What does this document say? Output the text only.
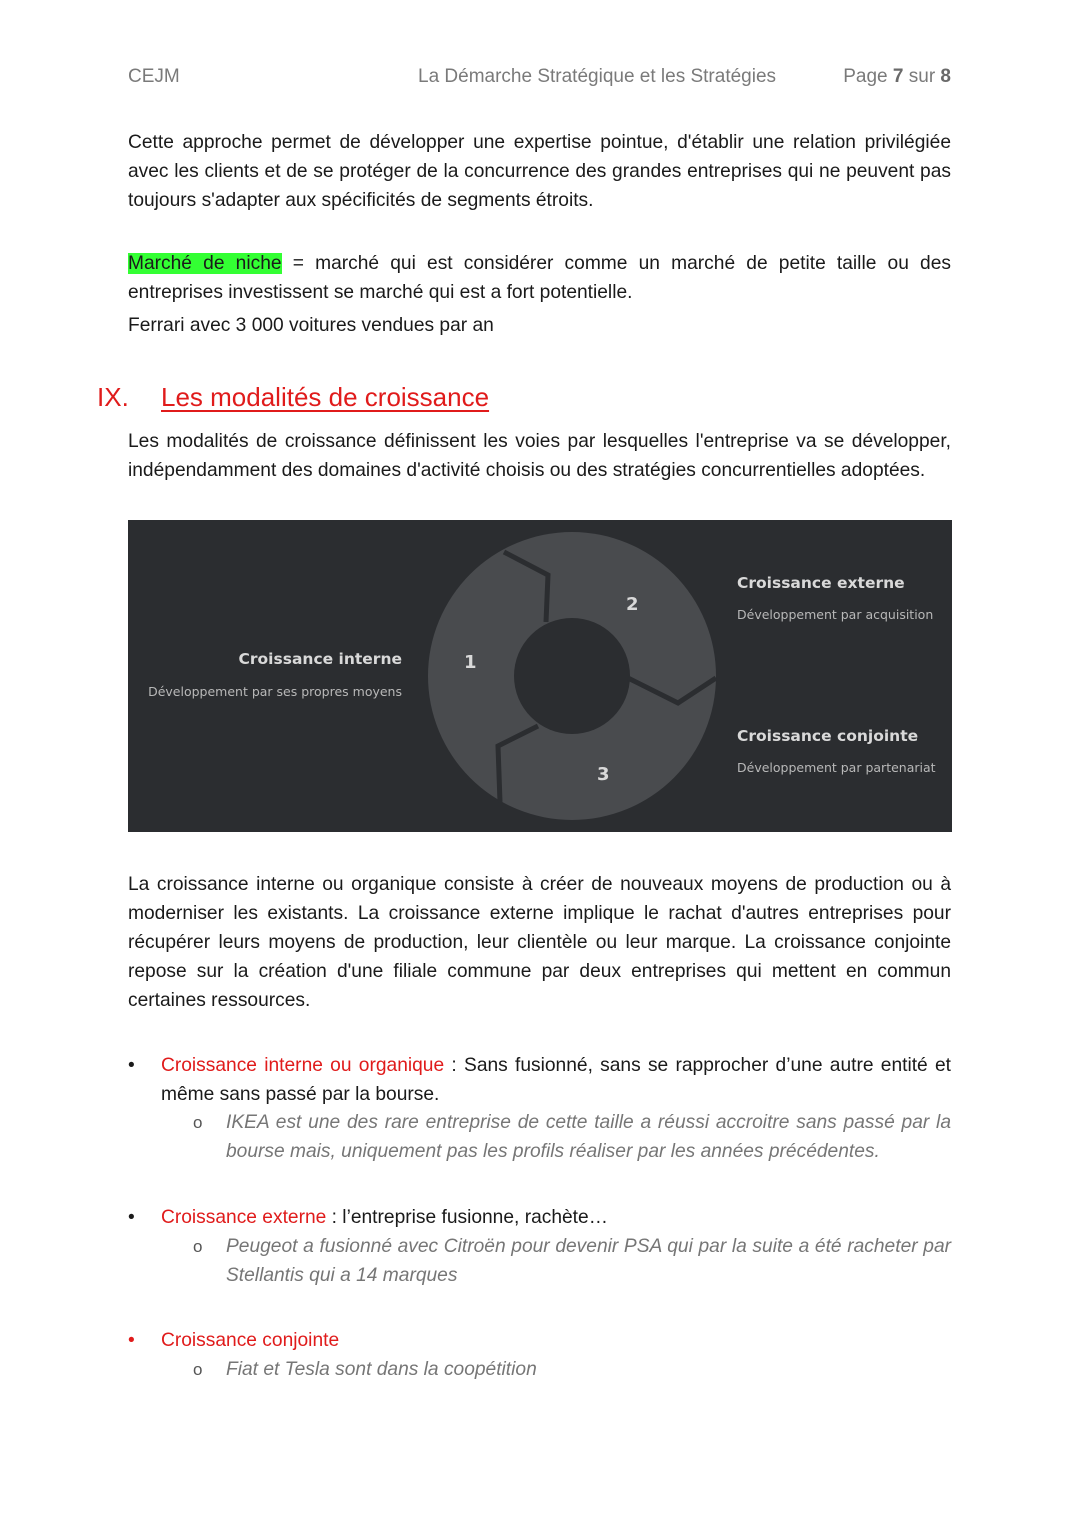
CEJM	La Démarche Stratégique et les Stratégies	Page 7 sur 8
Cette approche permet de développer une expertise pointue, d'établir une relation privilégiée avec les clients et de se protéger de la concurrence des grandes entreprises qui ne peuvent pas toujours s'adapter aux spécificités de segments étroits.
Marché de niche = marché qui est considérer comme un marché de petite taille ou des entreprises investissent se marché qui est a fort potentielle.
Ferrari avec 3 000 voitures vendues par an
IX. Les modalités de croissance
Les modalités de croissance définissent les voies par lesquelles l'entreprise va se développer, indépendamment des domaines d'activité choisis ou des stratégies concurrentielles adoptées.
1
2
3
Croissance interne
Développement par ses propres moyens
Croissance externe
Développement par acquisition
Croissance conjointe
Développement par partenariat
La croissance interne ou organique consiste à créer de nouveaux moyens de production ou à moderniser les existants. La croissance externe implique le rachat d'autres entreprises pour récupérer leurs moyens de production, leur clientèle ou leur marque. La croissance conjointe repose sur la création d'une filiale commune par deux entreprises qui mettent en commun certaines ressources.
•	Croissance interne ou organique : Sans fusionné, sans se rapprocher d’une autre entité et même sans passé par la bourse.
o IKEA est une des rare entreprise de cette taille a réussi accroitre sans passé par la bourse mais, uniquement pas les profils réaliser par les années précédentes.
•	Croissance externe : l’entreprise fusionne, rachète…
o Peugeot a fusionné avec Citroën pour devenir PSA qui par la suite a été racheter par Stellantis qui a 14 marques
•	Croissance conjointe
o Fiat et Tesla sont dans la coopétition
